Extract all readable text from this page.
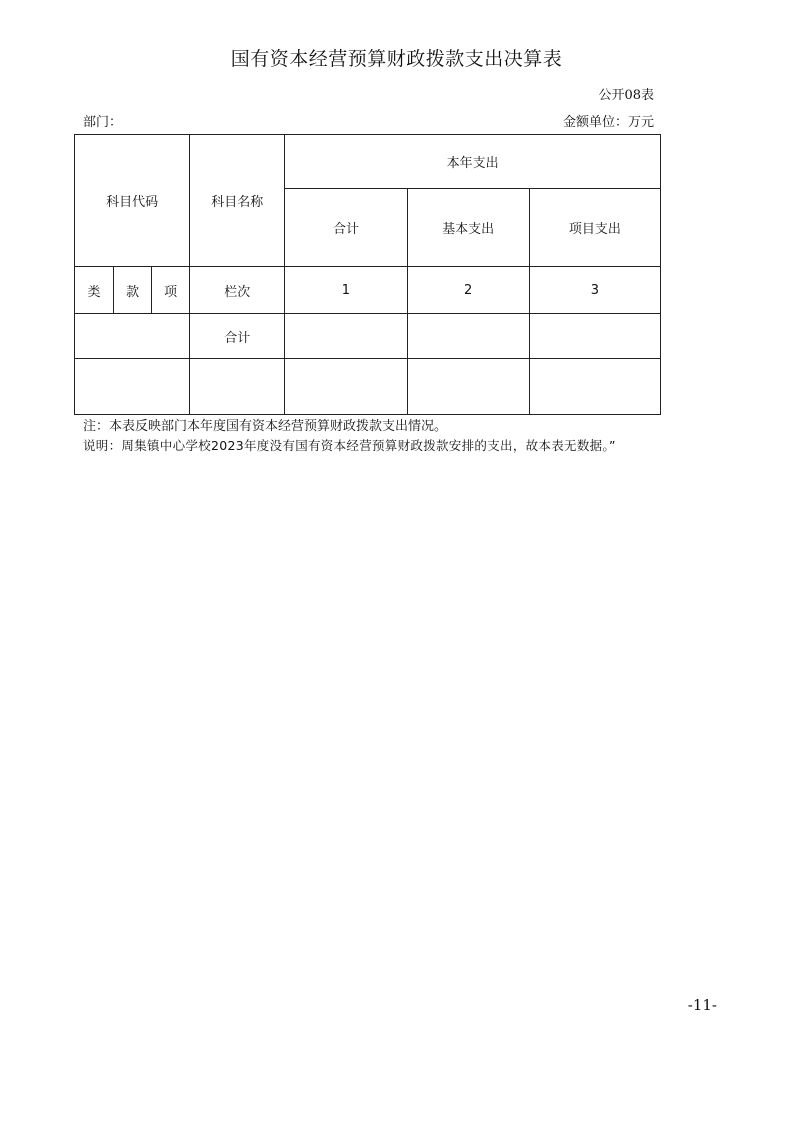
国有资本经营预算财政拨款支出决算表
公开08表
部门：	金额单位：万元
科目代码			科目名称	本年支出		
				合计	基本支出	项目支出
类	款	项	栏次	1	2	3
			合计			

注：本表反映部门本年度国有资本经营预算财政拨款支出情况。
说明：周集镇中心学校2023年度没有国有资本经营预算财政拨款安排的支出，故本表无数据。”
-11-
